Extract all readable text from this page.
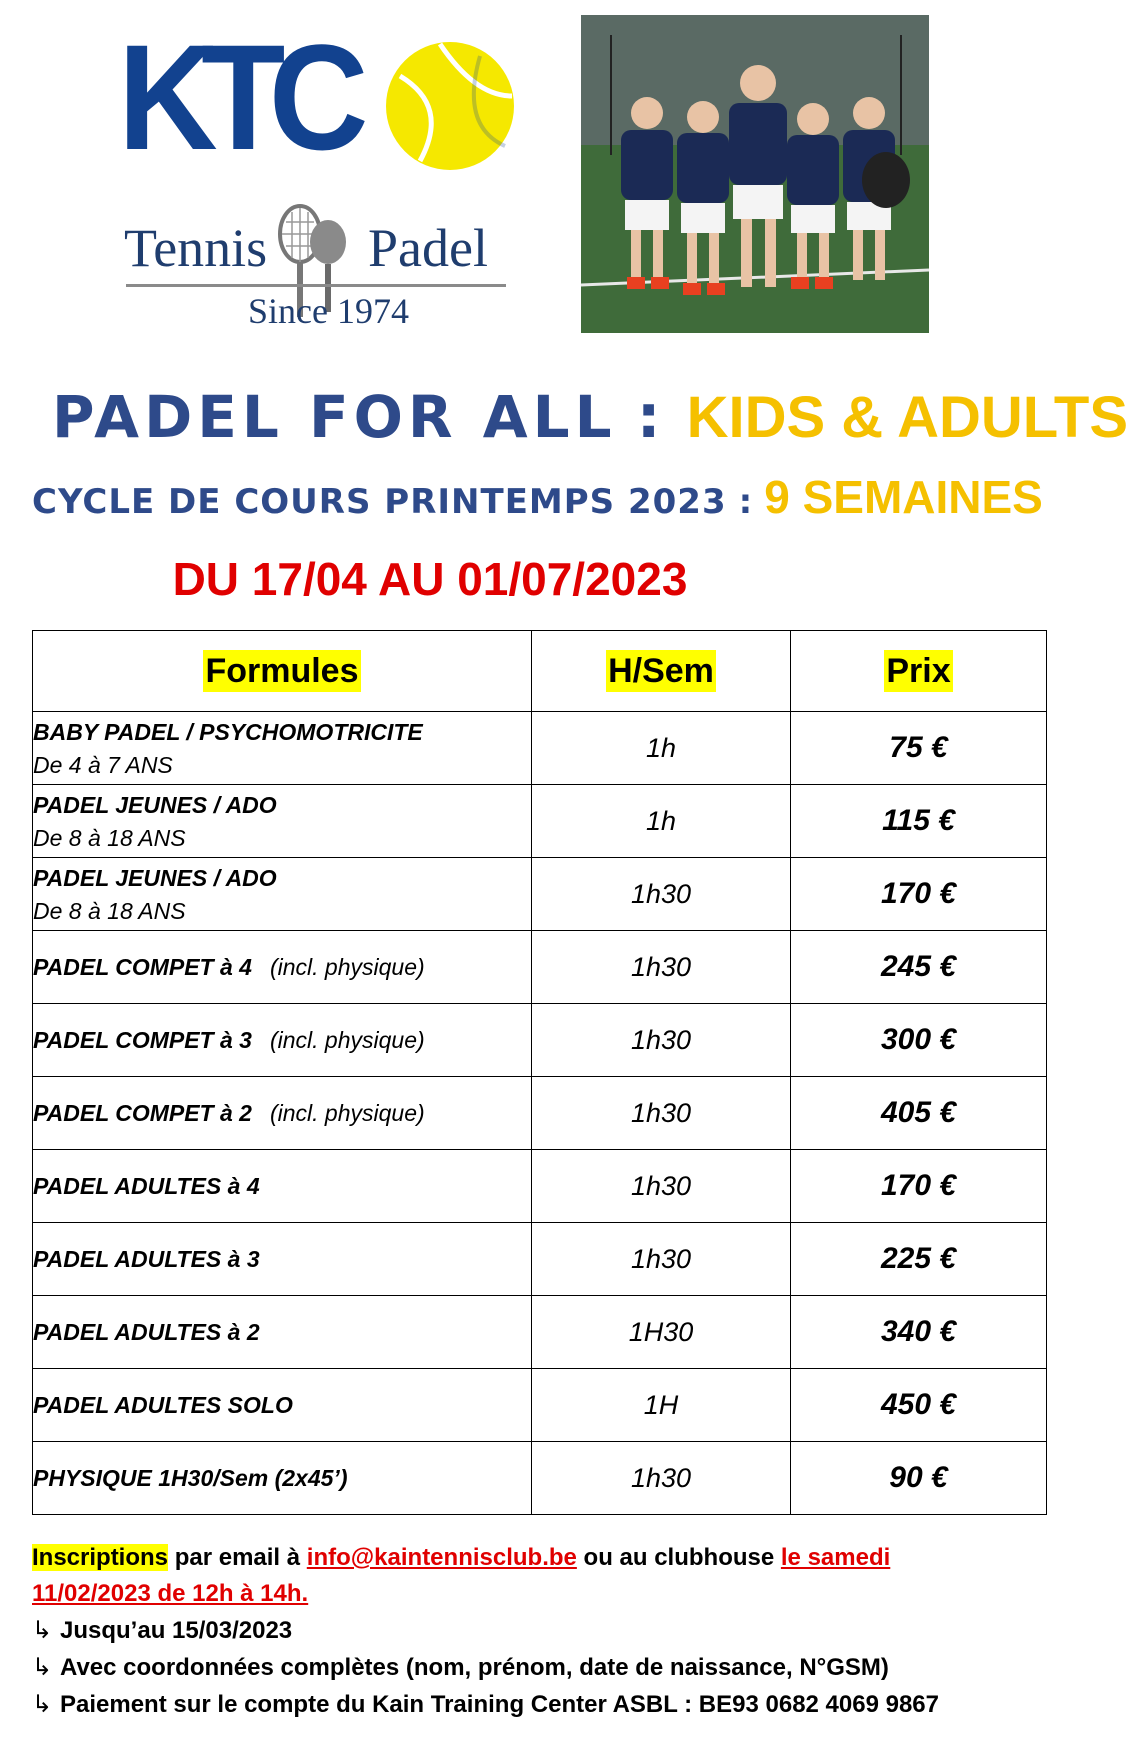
KTC
Tennis Padel
Since 1974
PADEL FOR ALL : KIDS & ADULTS
CYCLE DE COURS PRINTEMPS 2023 : 9 SEMAINES
DU 17/04 AU 01/07/2023
Formules	H/Sem	Prix

BABY PADEL / PSYCHOMOTRICITE
De 4 à 7 ANS	1h	75 €

PADEL JEUNES / ADO
De 8 à 18 ANS	1h	115 €

PADEL JEUNES / ADO
De 8 à 18 ANS	1h30	170 €

PADEL COMPET à 4 (incl. physique)	1h30	245 €

PADEL COMPET à 3 (incl. physique)	1h30	300 €

PADEL COMPET à 2 (incl. physique)	1h30	405 €

PADEL ADULTES à 4	1h30	170 €

PADEL ADULTES à 3	1h30	225 €

PADEL ADULTES à 2	1H30	340 €

PADEL ADULTES SOLO	1H	450 €

PHYSIQUE 1H30/Sem (2x45’)	1h30	90 €
Inscriptions par email à info@kaintennisclub.be ou au clubhouse le samedi
11/02/2023 de 12h à 14h.
↳ Jusqu’au 15/03/2023
↳ Avec coordonnées complètes (nom, prénom, date de naissance, N°GSM)
↳ Paiement sur le compte du Kain Training Center ASBL : BE93 0682 4069 9867
